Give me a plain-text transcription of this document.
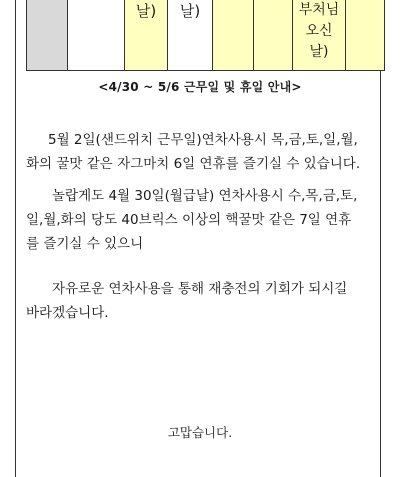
		날)	날)			부처님
오신
날)

<4/30 ~ 5/6 근무일 및 휴일 안내>
5월 2일(샌드위치 근무일)연차사용시 목,금,토,일,월,
화의 꿀맛 같은 자그마치 6일 연휴를 즐기실 수 있습니다.
놀랍게도 4월 30일(월급날) 연차사용시 수,목,금,토,
일,월,화의 당도 40브릭스 이상의 핵꿀맛 같은 7일 연휴
를 즐기실 수 있으니
자유로운 연차사용을 통해 재충전의 기회가 되시길
바라겠습니다.
고맙습니다.
